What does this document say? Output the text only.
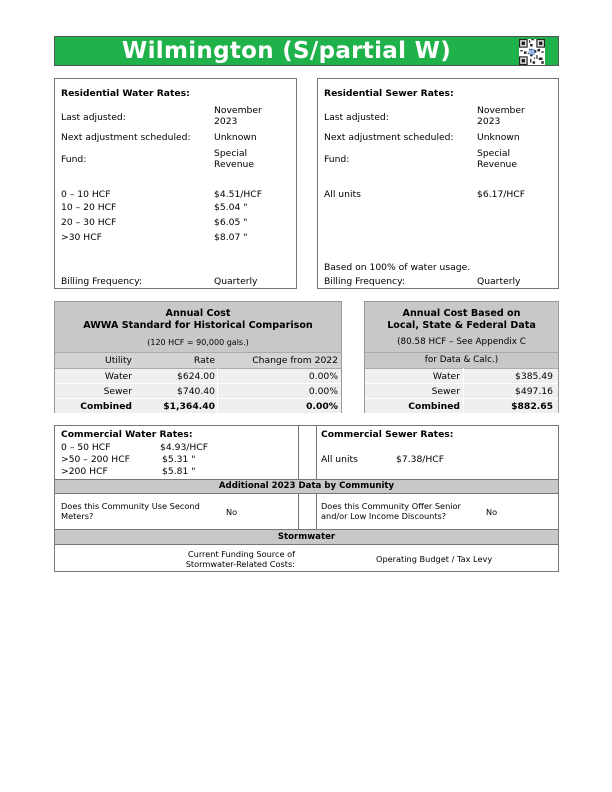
Wilmington (S/partial W)
Residential Water Rates:
Last adjusted:
November
2023
Next adjustment scheduled:	Unknown
Fund:
Special
Revenue
0 – 10 HCF	$4.51/HCF
10 – 20 HCF	$5.04 "
20 – 30 HCF	$6.05 "
>30 HCF	$8.07 "
Billing Frequency:	Quarterly
Residential Sewer Rates:
Last adjusted:
November
2023
Next adjustment scheduled:	Unknown
Fund:
Special
Revenue
All units	$6.17/HCF
Based on 100% of water usage.
Billing Frequency:	Quarterly
Annual Cost
AWWA Standard for Historical Comparison
(120 HCF = 90,000 gals.)
Utility	Rate	Change from 2022
Water	$624.00	0.00%
Sewer	$740.40	0.00%
Combined	$1,364.40	0.00%
Annual Cost Based on
Local, State & Federal Data
(80.58 HCF – See Appendix C
for Data & Calc.)
Water	$385.49
Sewer	$497.16
Combined	$882.65
Commercial Water Rates:
0 – 50 HCF	$4.93/HCF
>50 – 200 HCF	$5.31 "
>200 HCF	$5.81 "
Commercial Sewer Rates:
All units	$7.38/HCF
Additional 2023 Data by Community
Does this Community Use Second
Meters?	No
Does this Community Offer Senior
and/or Low Income Discounts?	No
Stormwater
Current Funding Source of
Stormwater-Related Costs:	Operating Budget / Tax Levy
